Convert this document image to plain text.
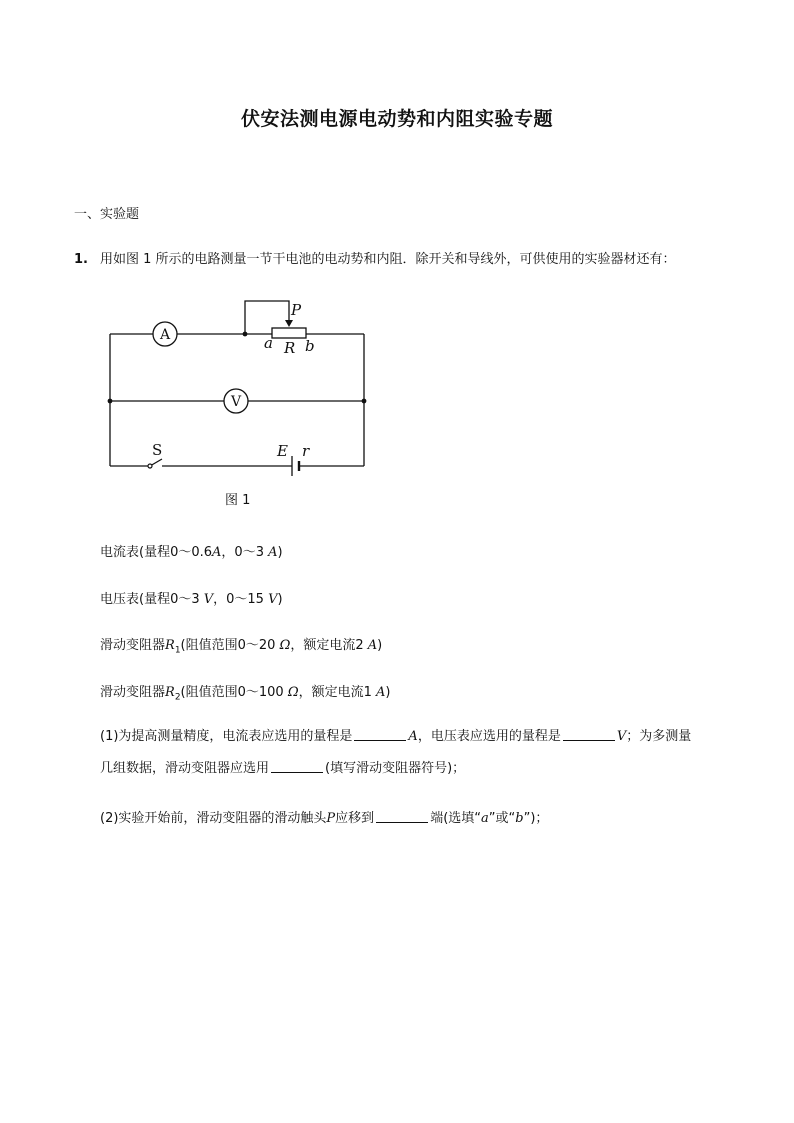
伏安法测电源电动势和内阻实验专题
一、实验题
1. 用如图 1 所示的电路测量一节干电池的电动势和内阻．除开关和导线外，可供使用的实验器材还有：
A
V
P
a R b
S	E r
图 1
电流表(量程0～0.6A，0～3 A)
电压表(量程0～3 V，0～15 V)
滑动变阻器$R_1$(阻值范围0～20 Ω，额定电流2 A)
滑动变阻器$R_2$(阻值范围0～100 Ω，额定电流1 A)
(1)为提高测量精度，电流表应选用的量程是	A，电压表应选用的量程是	V；为多测量
几组数据，滑动变阻器应选用	(填写滑动变阻器符号)；
(2)实验开始前，滑动变阻器的滑动触头P应移到	端(选填“a”或“b”)；
